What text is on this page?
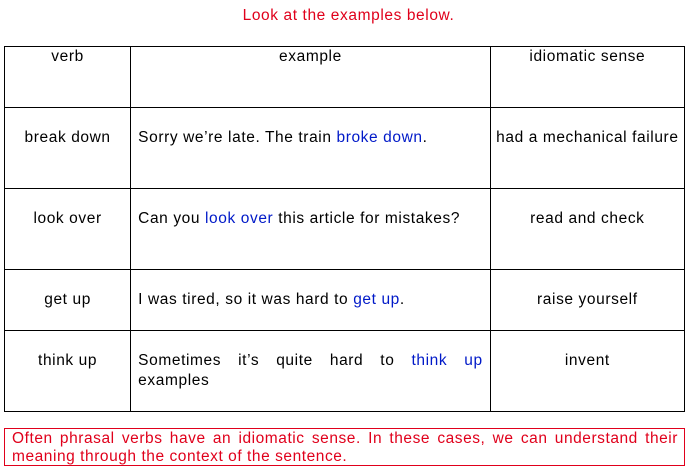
Look at the examples below.
verb	example	idiomatic sense
break down	Sorry we’re late. The train broke down.	had a mechanical failure
look over	Can you look over this article for mistakes?	read and check
get up	I was tired, so it was hard to get up.	raise yourself
think up	Sometimes it’s quite hard to think up examples	invent
Often phrasal verbs have an idiomatic sense. In these cases, we can understand their meaning through the context of the sentence.
